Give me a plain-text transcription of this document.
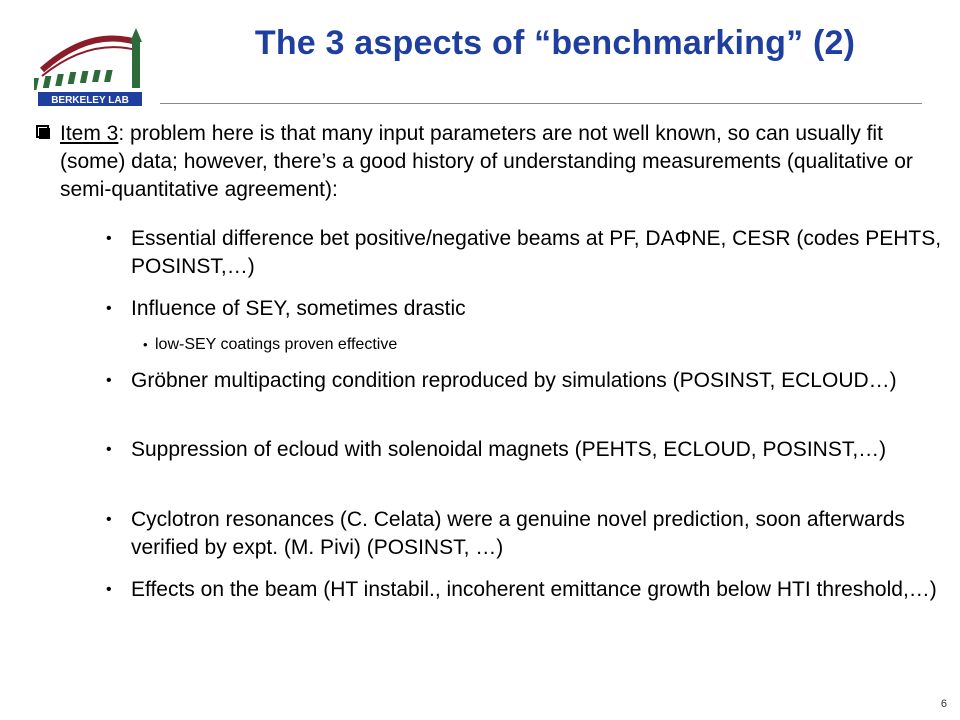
BERKELEY LAB
The 3 aspects of “benchmarking” (2)
Item 3: problem here is that many input parameters are not well known, so can usually fit (some) data; however, there’s a good history of understanding measurements (qualitative or semi-quantitative agreement):
• Essential difference bet positive/negative beams at PF, DAΦNE, CESR (codes PEHTS, POSINST,…)
• Influence of SEY, sometimes drastic
• low-SEY coatings proven effective
• Gröbner multipacting condition reproduced by simulations (POSINST, ECLOUD…)
• Suppression of ecloud with solenoidal magnets (PEHTS, ECLOUD, POSINST,…)
• Cyclotron resonances (C. Celata) were a genuine novel prediction, soon afterwards verified by expt. (M. Pivi) (POSINST, …)
• Effects on the beam (HT instabil., incoherent emittance growth below HTI threshold,…)
6
